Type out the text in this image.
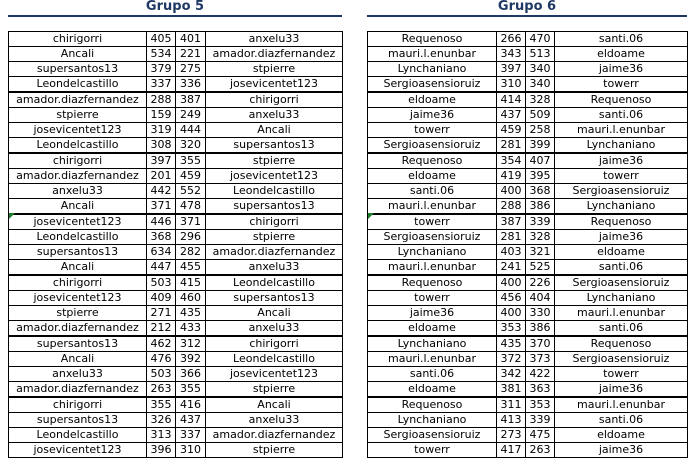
Grupo 5
chirigorri	405	401	anxelu33
Ancali	534	221	amador.diazfernandez
supersantos13	379	275	stpierre
Leondelcastillo	337	336	josevicentet123
amador.diazfernandez	288	387	chirigorri
stpierre	159	249	anxelu33
josevicentet123	319	444	Ancali
Leondelcastillo	308	320	supersantos13
chirigorri	397	355	stpierre
amador.diazfernandez	201	459	josevicentet123
anxelu33	442	552	Leondelcastillo
Ancali	371	478	supersantos13
josevicentet123	446	371	chirigorri
Leondelcastillo	368	296	stpierre
supersantos13	634	282	amador.diazfernandez
Ancali	447	455	anxelu33
chirigorri	503	415	Leondelcastillo
josevicentet123	409	460	supersantos13
stpierre	271	435	Ancali
amador.diazfernandez	212	433	anxelu33
supersantos13	462	312	chirigorri
Ancali	476	392	Leondelcastillo
anxelu33	503	366	josevicentet123
amador.diazfernandez	263	355	stpierre
chirigorri	355	416	Ancali
supersantos13	326	437	anxelu33
Leondelcastillo	313	337	amador.diazfernandez
josevicentet123	396	310	stpierre
Grupo 6
Requenoso	266	470	santi.06
mauri.l.enunbar	343	513	eldoame
Lynchaniano	397	340	jaime36
Sergioasensioruiz	310	340	towerr
eldoame	414	328	Requenoso
jaime36	437	509	santi.06
towerr	459	258	mauri.l.enunbar
Sergioasensioruiz	281	399	Lynchaniano
Requenoso	354	407	jaime36
eldoame	419	395	towerr
santi.06	400	368	Sergioasensioruiz
mauri.l.enunbar	288	386	Lynchaniano
towerr	387	339	Requenoso
Sergioasensioruiz	281	328	jaime36
Lynchaniano	403	321	eldoame
mauri.l.enunbar	241	525	santi.06
Requenoso	400	226	Sergioasensioruiz
towerr	456	404	Lynchaniano
jaime36	400	330	mauri.l.enunbar
eldoame	353	386	santi.06
Lynchaniano	435	370	Requenoso
mauri.l.enunbar	372	373	Sergioasensioruiz
santi.06	342	422	towerr
eldoame	381	363	jaime36
Requenoso	311	353	mauri.l.enunbar
Lynchaniano	413	339	santi.06
Sergioasensioruiz	273	475	eldoame
towerr	417	263	jaime36
